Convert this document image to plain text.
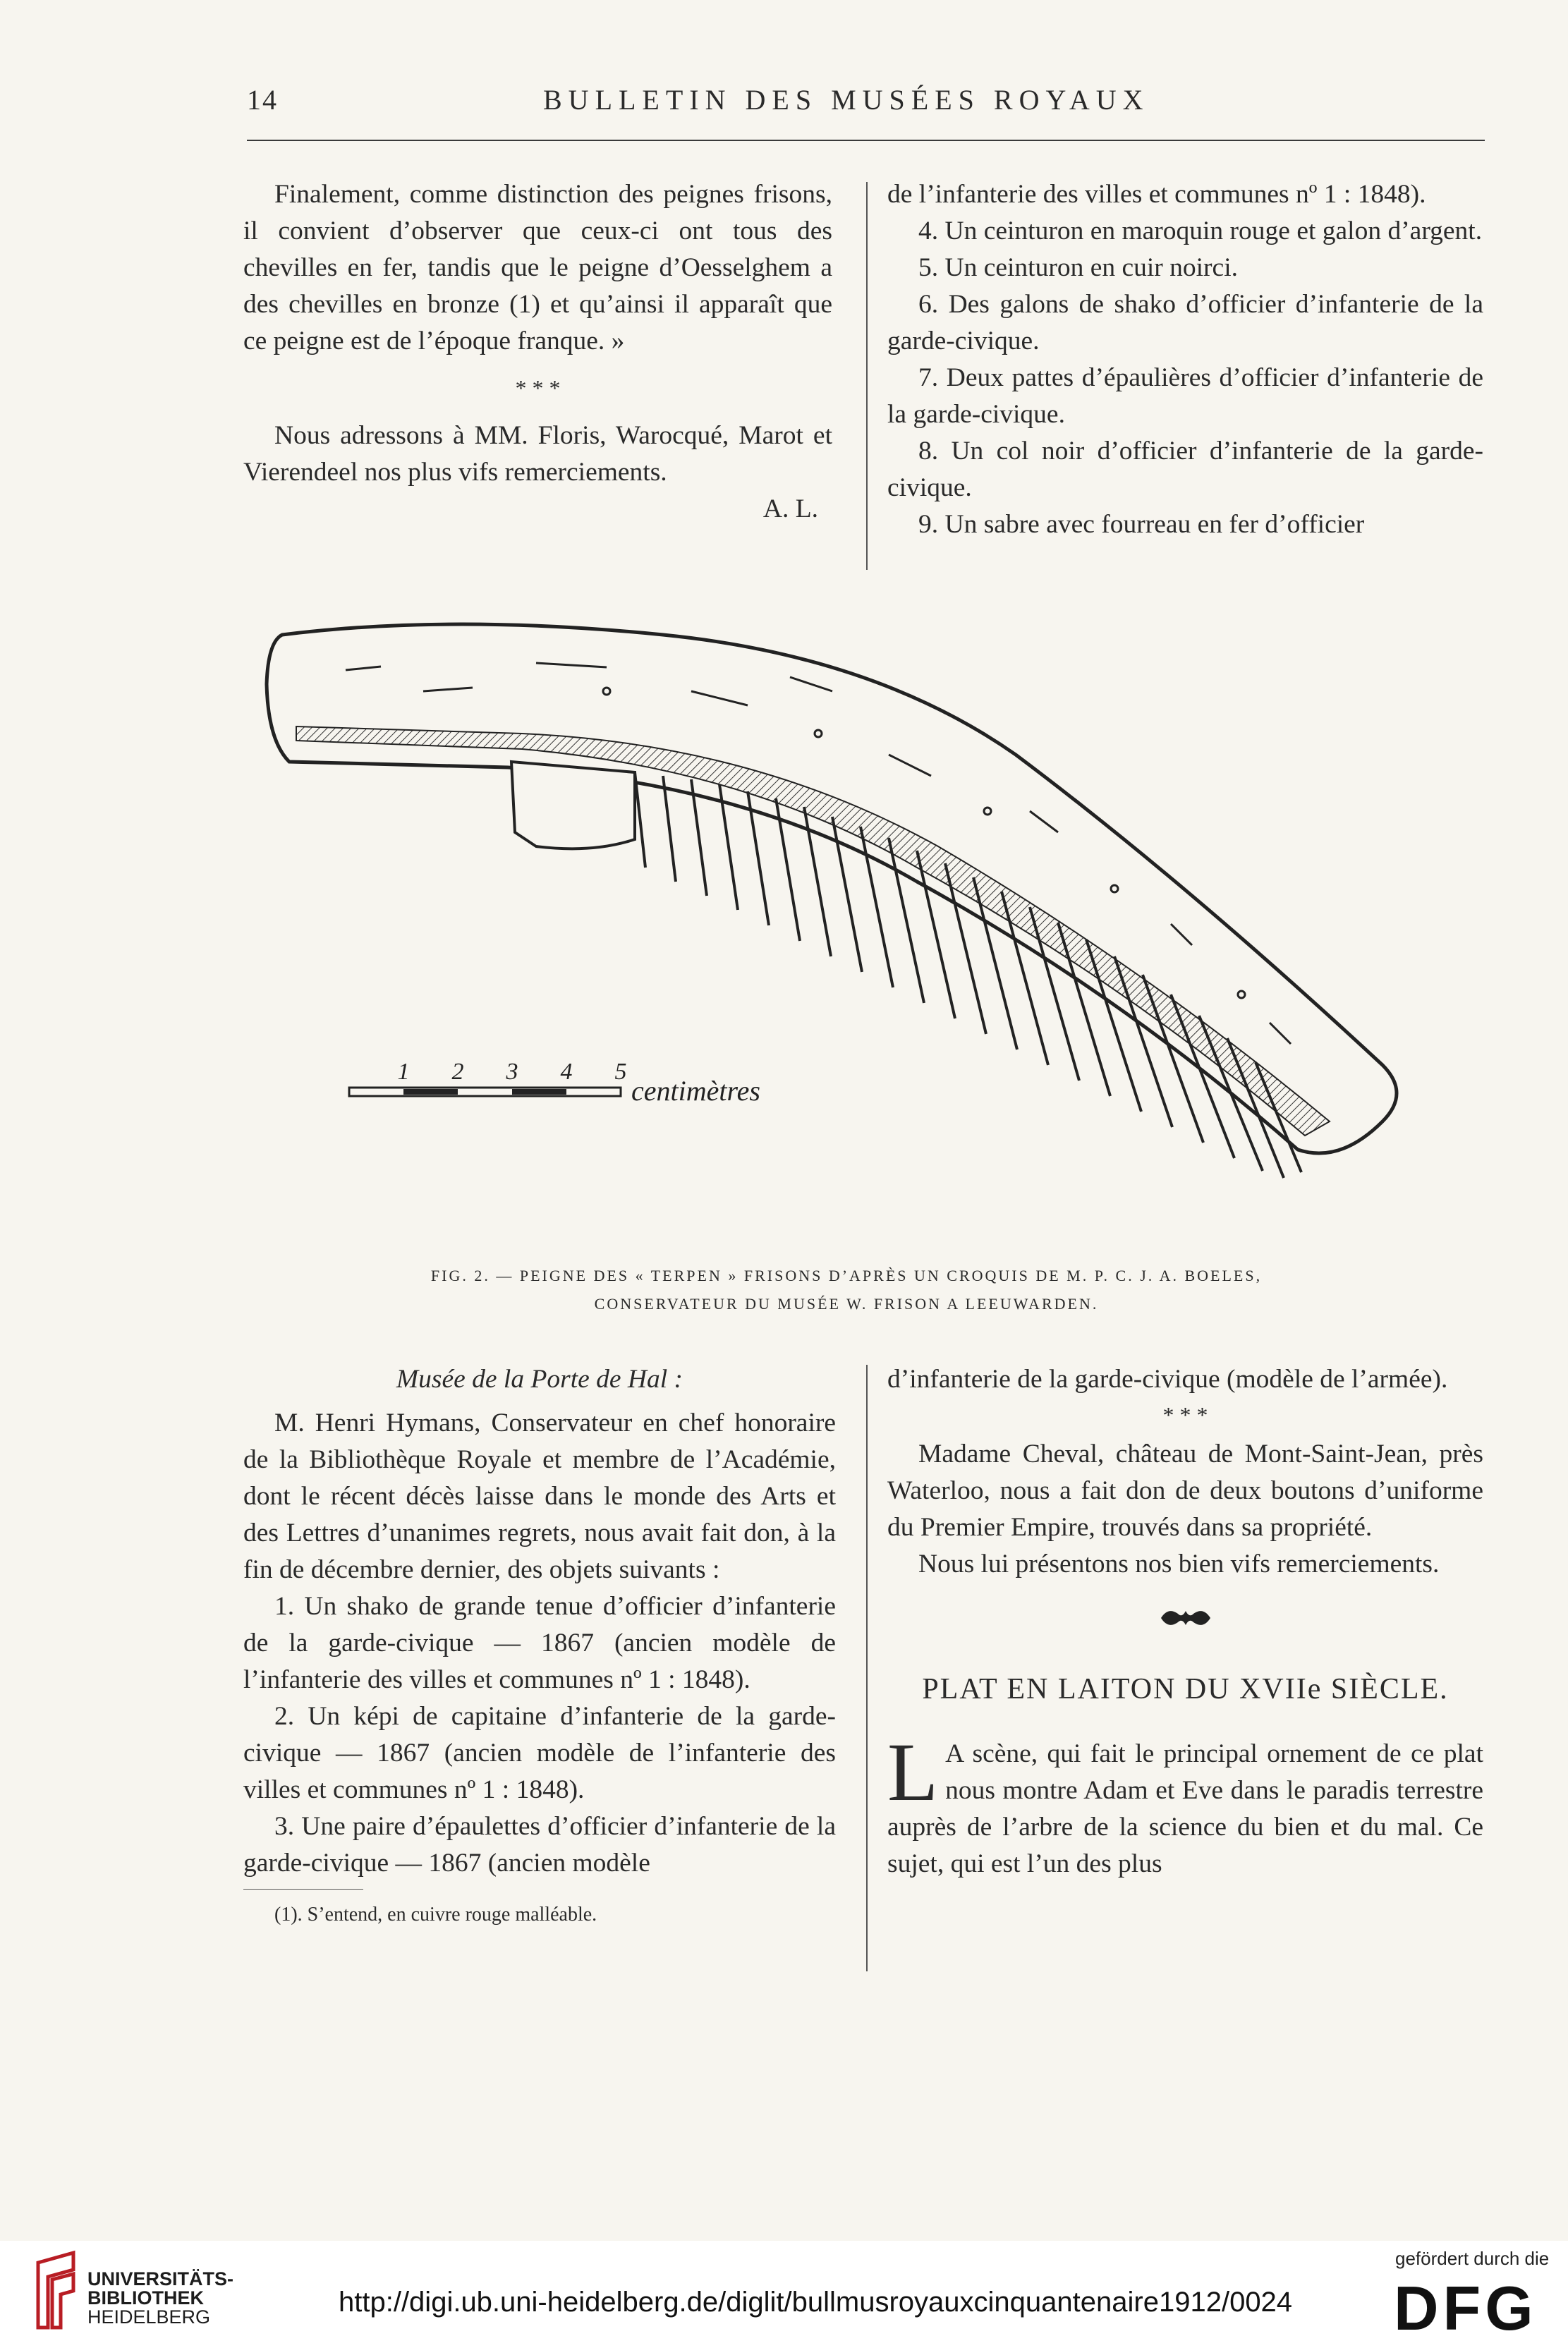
14	BULLETIN DES MUSÉES ROYAUX

Finalement, comme distinction des peignes frisons, il convient d’observer que ceux-ci ont tous des chevilles en fer, tandis que le peigne d’Oesselghem a des chevilles en bronze (1) et qu’ainsi il apparaît que ce peigne est de l’époque franque. »

* * *

Nous adressons à MM. Floris, Warocqué, Marot et Vierendeel nos plus vifs remerciements.

A. L.

de l’infanterie des villes et communes nº 1 : 1848).

4. Un ceinturon en maroquin rouge et galon d’argent.

5. Un ceinturon en cuir noirci.

6. Des galons de shako d’officier d’infanterie de la garde-civique.

7. Deux pattes d’épaulières d’officier d’infanterie de la garde-civique.

8. Un col noir d’officier d’infanterie de la garde-civique.

9. Un sabre avec fourreau en fer d’officier

1 2 3 4 5
centimètres
FIG. 2. — PEIGNE DES « TERPEN » FRISONS D’APRÈS UN CROQUIS DE M. P. C. J. A. BOELES,
CONSERVATEUR DU MUSÉE W. FRISON A LEEUWARDEN.

Musée de la Porte de Hal :

M. Henri Hymans, Conservateur en chef honoraire de la Bibliothèque Royale et membre de l’Académie, dont le récent décès laisse dans le monde des Arts et des Lettres d’unanimes regrets, nous avait fait don, à la fin de décembre dernier, des objets suivants :

1. Un shako de grande tenue d’officier d’infanterie de la garde-civique — 1867 (ancien modèle de l’infanterie des villes et communes nº 1 : 1848).

2. Un képi de capitaine d’infanterie de la garde-civique — 1867 (ancien modèle de l’infanterie des villes et communes nº 1 : 1848).

3. Une paire d’épaulettes d’officier d’infanterie de la garde-civique — 1867 (ancien modèle

(1). S’entend, en cuivre rouge malléable.

d’infanterie de la garde-civique (modèle de l’armée).

* * *

Madame Cheval, château de Mont-Saint-Jean, près Waterloo, nous a fait don de deux boutons d’uniforme du Premier Empire, trouvés dans sa propriété.

Nous lui présentons nos bien vifs remerciements.

PLAT EN LAITON DU XVIIe SIÈCLE.

L A scène, qui fait le principal ornement de ce plat nous montre Adam et Eve dans le paradis terrestre auprès de l’arbre de la science du bien et du mal. Ce sujet, qui est l’un des plus

UNIVERSITÄTS-
BIBLIOTHEK
HEIDELBERG	http://digi.ub.uni-heidelberg.de/diglit/bullmusroyauxcinquantenaire1912/0024
gefördert durch die
DFG
